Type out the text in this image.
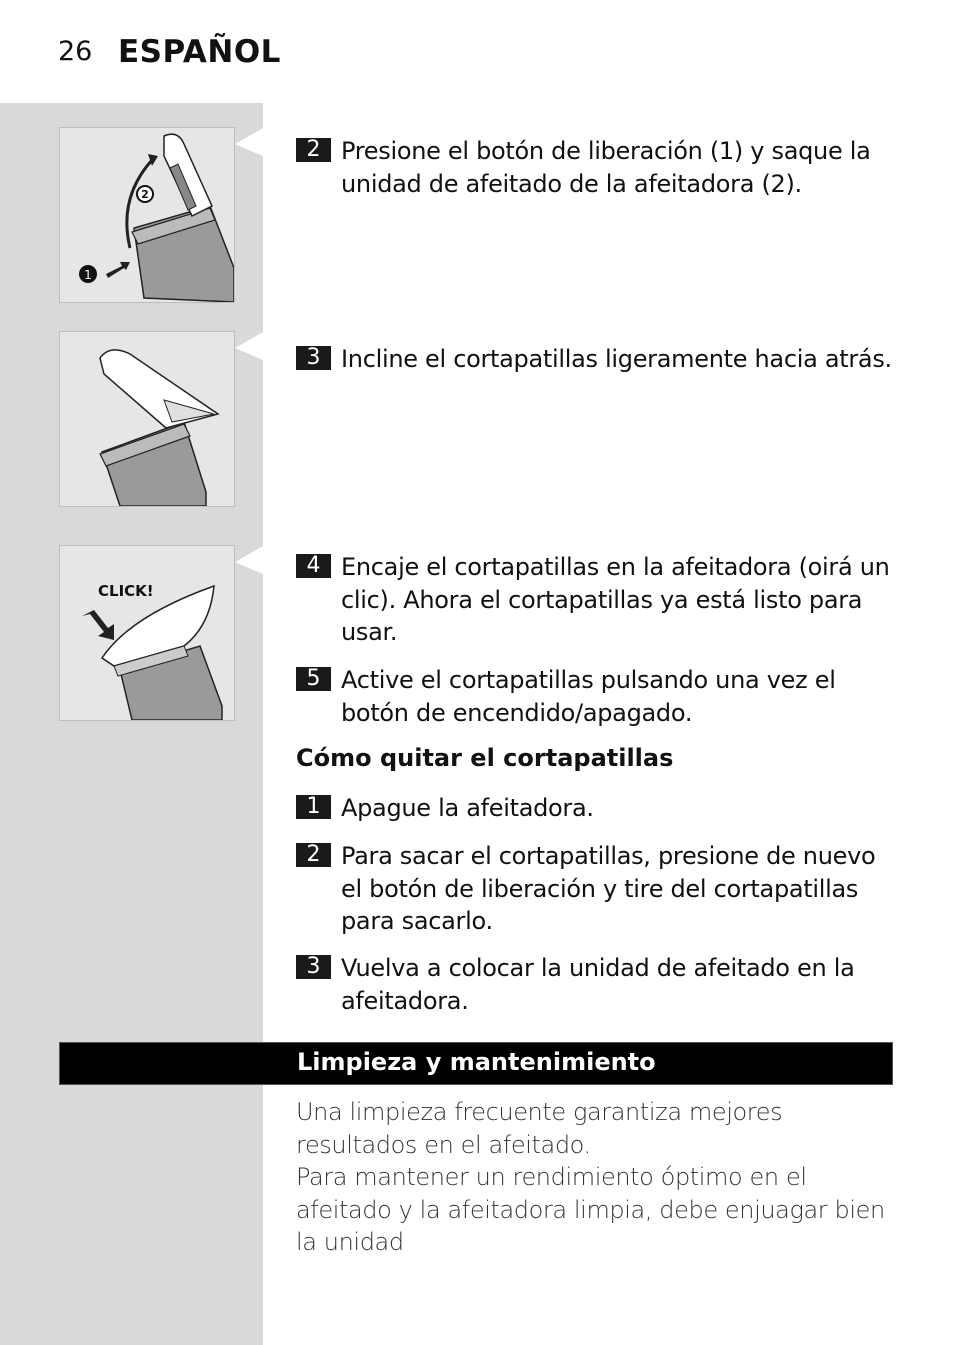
26 ESPAÑOL
1
2
CLICK!
2 Presione el botón de liberación (1) y saque la unidad de afeitado de la afeitadora (2).
3 Incline el cortapatillas ligeramente hacia atrás.
4 Encaje el cortapatillas en la afeitadora (oirá un clic). Ahora el cortapatillas ya está listo para usar.
5 Active el cortapatillas pulsando una vez el botón de encendido/apagado.
Cómo quitar el cortapatillas
1 Apague la afeitadora.
2 Para sacar el cortapatillas, presione de nuevo el botón de liberación y tire del cortapatillas para sacarlo.
3 Vuelva a colocar la unidad de afeitado en la afeitadora.
Limpieza y mantenimiento
Una limpieza frecuente garantiza mejores resultados en el afeitado.
Para mantener un rendimiento óptimo en el afeitado y la afeitadora limpia, debe enjuagar bien la unidad
